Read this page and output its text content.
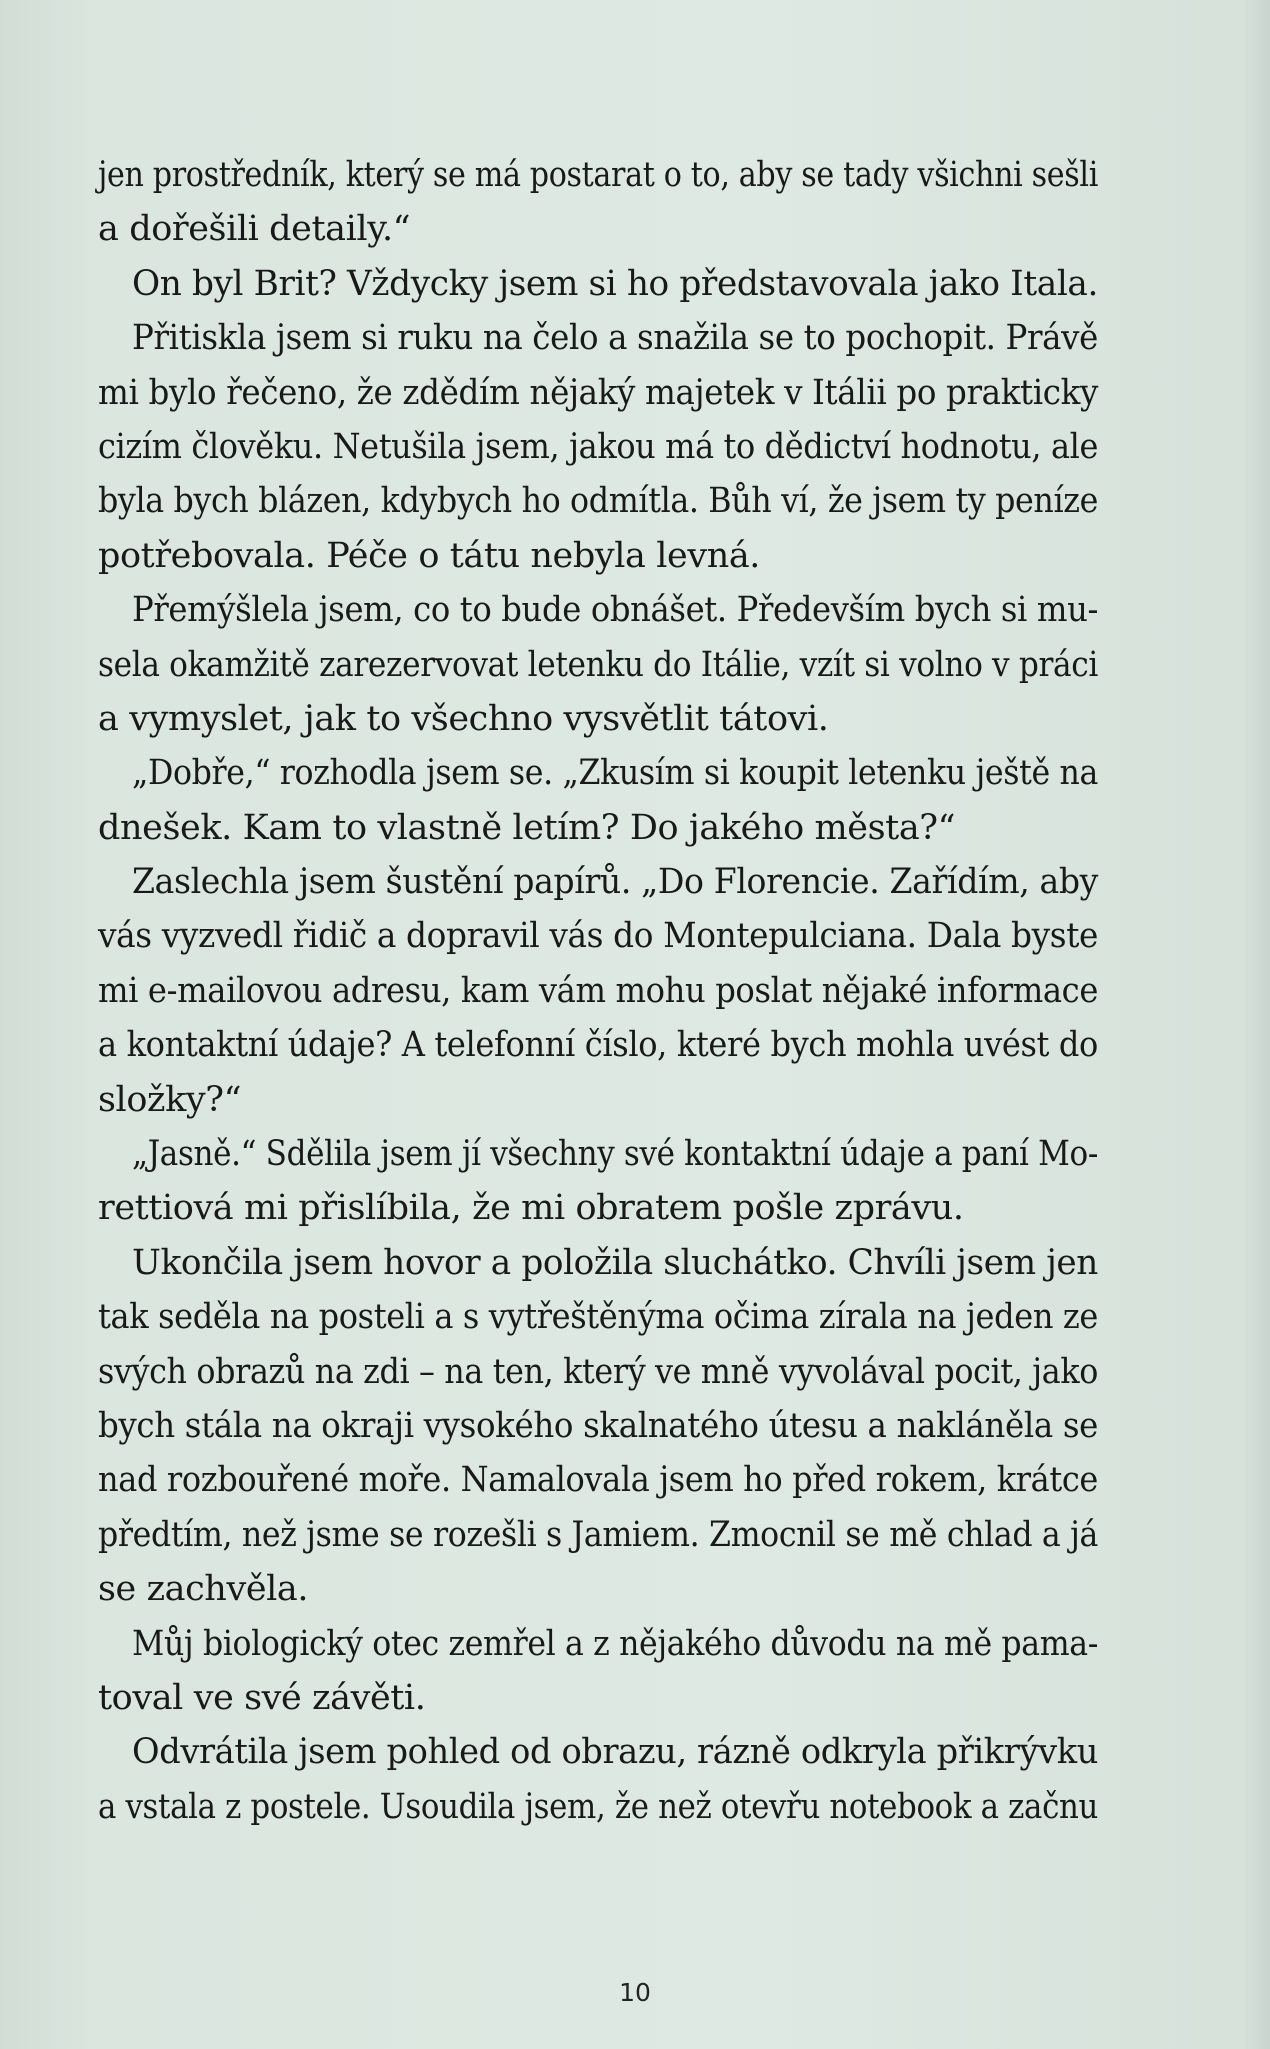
jen prostředník, který se má postarat o to, aby se tady všichni sešli
a dořešili detaily.“
On byl Brit? Vždycky jsem si ho představovala jako Itala.
Přitiskla jsem si ruku na čelo a snažila se to pochopit. Právě
mi bylo řečeno, že zdědím nějaký majetek v Itálii po prakticky
cizím člověku. Netušila jsem, jakou má to dědictví hodnotu, ale
byla bych blázen, kdybych ho odmítla. Bůh ví, že jsem ty peníze
potřebovala. Péče o tátu nebyla levná.
Přemýšlela jsem, co to bude obnášet. Především bych si mu-
sela okamžitě zarezervovat letenku do Itálie, vzít si volno v práci
a vymyslet, jak to všechno vysvětlit tátovi.
„Dobře,“ rozhodla jsem se. „Zkusím si koupit letenku ještě na
dnešek. Kam to vlastně letím? Do jakého města?“
Zaslechla jsem šustění papírů. „Do Florencie. Zařídím, aby
vás vyzvedl řidič a dopravil vás do Montepulciana. Dala byste
mi e-mailovou adresu, kam vám mohu poslat nějaké informace
a kontaktní údaje? A telefonní číslo, které bych mohla uvést do
složky?“
„Jasně.“ Sdělila jsem jí všechny své kontaktní údaje a paní Mo-
rettiová mi přislíbila, že mi obratem pošle zprávu.
Ukončila jsem hovor a položila sluchátko. Chvíli jsem jen
tak seděla na posteli a s vytřeštěnýma očima zírala na jeden ze
svých obrazů na zdi – na ten, který ve mně vyvolával pocit, jako
bych stála na okraji vysokého skalnatého útesu a nakláněla se
nad rozbouřené moře. Namalovala jsem ho před rokem, krátce
předtím, než jsme se rozešli s Jamiem. Zmocnil se mě chlad a já
se zachvěla.
Můj biologický otec zemřel a z nějakého důvodu na mě pama-
toval ve své závěti.
Odvrátila jsem pohled od obrazu, rázně odkryla přikrývku
a vstala z postele. Usoudila jsem, že než otevřu notebook a začnu
10
